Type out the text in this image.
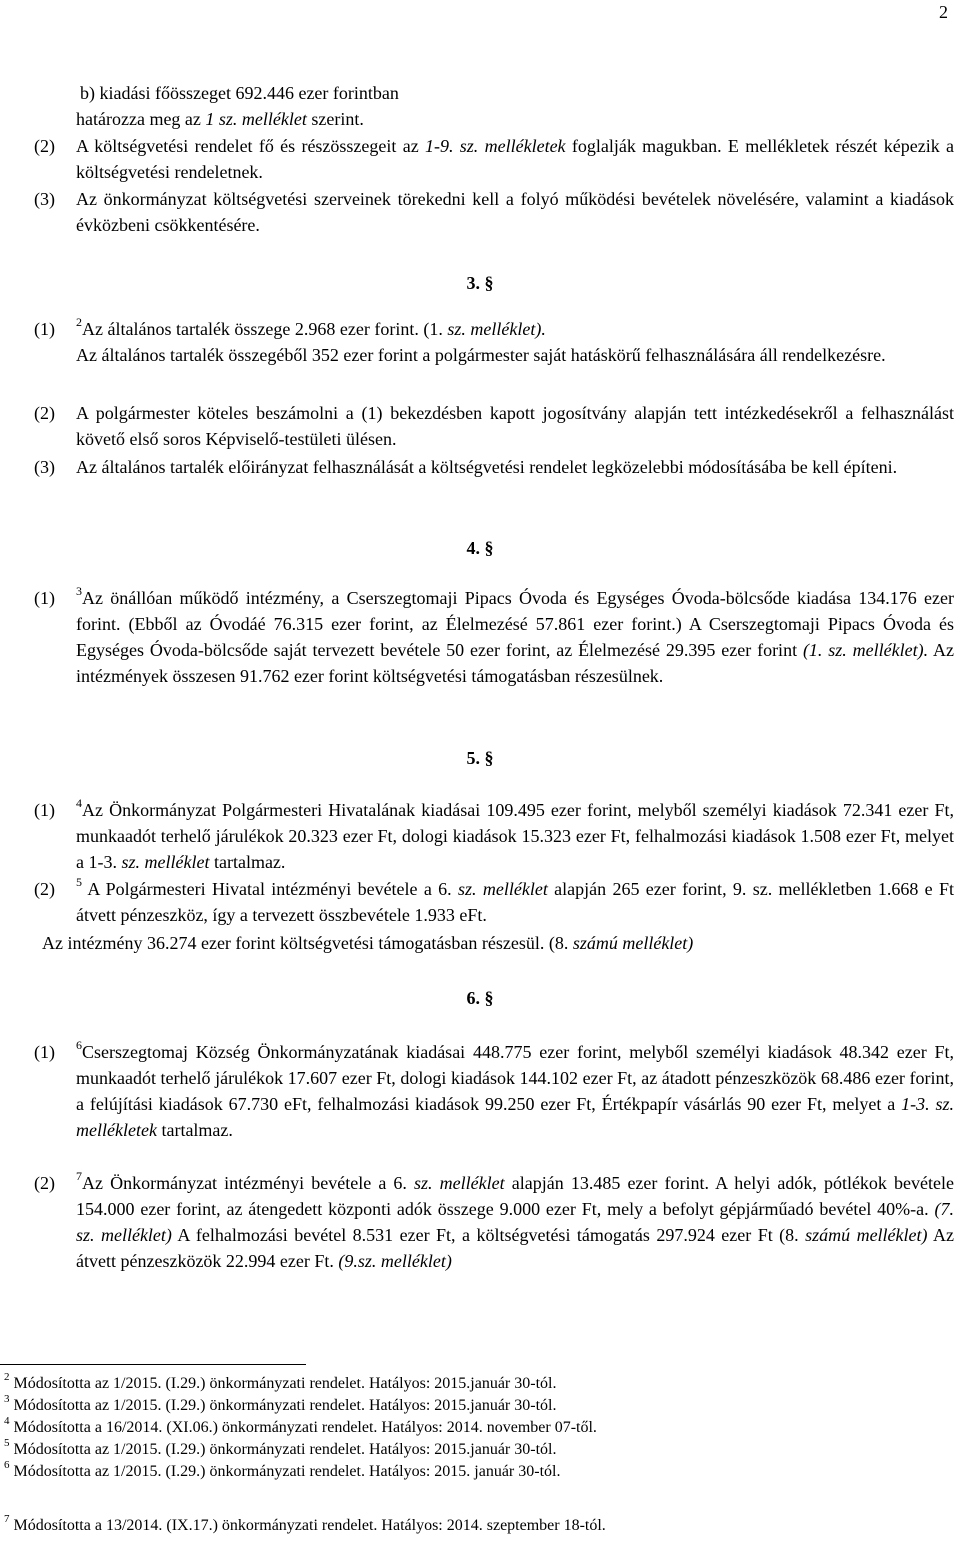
2
b) kiadási főösszeget 692.446 ezer forintban
határozza meg az 1 sz. melléklet szerint.
(2) A költségvetési rendelet fő és részösszegeit az 1-9. sz. mellékletek foglalják magukban. E mellékletek részét képezik a költségvetési rendeletnek.
(3) Az önkormányzat költségvetési szerveinek törekedni kell a folyó működési bevételek növelésére, valamint a kiadások évközbeni csökkentésére.
3. §
(1) $^2$Az általános tartalék összege 2.968 ezer forint. (1. sz. melléklet).
Az általános tartalék összegéből 352 ezer forint a polgármester saját hatáskörű felhasználására áll rendelkezésre.
(2) A polgármester köteles beszámolni a (1) bekezdésben kapott jogosítvány alapján tett intézkedésekről a felhasználást követő első soros Képviselő-testületi ülésen.
(3) Az általános tartalék előirányzat felhasználását a költségvetési rendelet legközelebbi módosításába be kell építeni.
4. §
(1) $^3$Az önállóan működő intézmény, a Cserszegtomaji Pipacs Óvoda és Egységes Óvoda-bölcsőde kiadása 134.176 ezer forint. (Ebből az Óvodáé 76.315 ezer forint, az Élelmezésé 57.861 ezer forint.) A Cserszegtomaji Pipacs Óvoda és Egységes Óvoda-bölcsőde saját tervezett bevétele 50 ezer forint, az Élelmezésé 29.395 ezer forint (1. sz. melléklet). Az intézmények összesen 91.762 ezer forint költségvetési támogatásban részesülnek.
5. §
(1) $^4$Az Önkormányzat Polgármesteri Hivatalának kiadásai 109.495 ezer forint, melyből személyi kiadások 72.341 ezer Ft, munkaadót terhelő járulékok 20.323 ezer Ft, dologi kiadások 15.323 ezer Ft, felhalmozási kiadások 1.508 ezer Ft, melyet a 1-3. sz. melléklet tartalmaz.
(2) $^5$ A Polgármesteri Hivatal intézményi bevétele a 6. sz. melléklet alapján 265 ezer forint, 9. sz. mellékletben 1.668 e Ft átvett pénzeszköz, így a tervezett összbevétele 1.933 eFt.
Az intézmény 36.274 ezer forint költségvetési támogatásban részesül. (8. számú melléklet)
6. §
(1) $^6$Cserszegtomaj Község Önkormányzatának kiadásai 448.775 ezer forint, melyből személyi kiadások 48.342 ezer Ft, munkaadót terhelő járulékok 17.607 ezer Ft, dologi kiadások 144.102 ezer Ft, az átadott pénzeszközök 68.486 ezer forint, a felújítási kiadások 67.730 eFt, felhalmozási kiadások 99.250 ezer Ft, Értékpapír vásárlás 90 ezer Ft, melyet a 1-3. sz. mellékletek tartalmaz.
(2) $^7$Az Önkormányzat intézményi bevétele a 6. sz. melléklet alapján 13.485 ezer forint. A helyi adók, pótlékok bevétele 154.000 ezer forint, az átengedett központi adók összege 9.000 ezer Ft, mely a befolyt gépjárműadó bevétel 40%-a. (7. sz. melléklet) A felhalmozási bevétel 8.531 ezer Ft, a költségvetési támogatás 297.924 ezer Ft (8. számú melléklet) Az átvett pénzeszközök 22.994 ezer Ft. (9.sz. melléklet)
$^2$ Módosította az 1/2015. (I.29.) önkormányzati rendelet. Hatályos: 2015.január 30-tól.
$^3$ Módosította az 1/2015. (I.29.) önkormányzati rendelet. Hatályos: 2015.január 30-tól.
$^4$ Módosította a 16/2014. (XI.06.) önkormányzati rendelet. Hatályos: 2014. november 07-től.
$^5$ Módosította az 1/2015. (I.29.) önkormányzati rendelet. Hatályos: 2015.január 30-tól.
$^6$ Módosította az 1/2015. (I.29.) önkormányzati rendelet. Hatályos: 2015. január 30-tól.
$^7$ Módosította a 13/2014. (IX.17.) önkormányzati rendelet. Hatályos: 2014. szeptember 18-tól.
